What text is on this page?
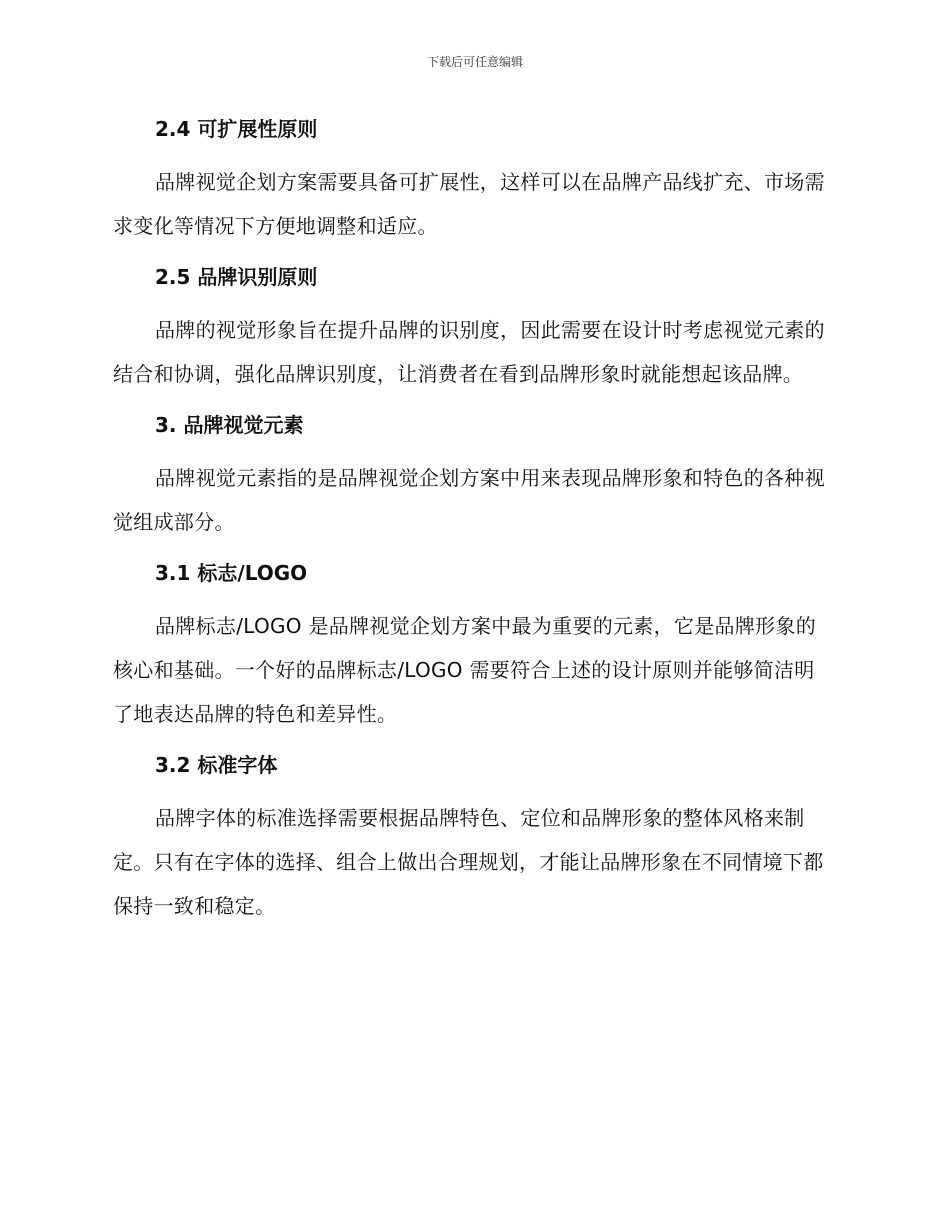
下载后可任意编辑
2.4 可扩展性原则

品牌视觉企划方案需要具备可扩展性，这样可以在品牌产品线扩充、市场需求变化等情况下方便地调整和适应。

2.5 品牌识别原则

品牌的视觉形象旨在提升品牌的识别度，因此需要在设计时考虑视觉元素的结合和协调，强化品牌识别度，让消费者在看到品牌形象时就能想起该品牌。

3. 品牌视觉元素

品牌视觉元素指的是品牌视觉企划方案中用来表现品牌形象和特色的各种视觉组成部分。

3.1 标志/LOGO

品牌标志/LOGO 是品牌视觉企划方案中最为重要的元素，它是品牌形象的核心和基础。一个好的品牌标志/LOGO 需要符合上述的设计原则并能够简洁明了地表达品牌的特色和差异性。

3.2 标准字体

品牌字体的标准选择需要根据品牌特色、定位和品牌形象的整体风格来制定。只有在字体的选择、组合上做出合理规划，才能让品牌形象在不同情境下都保持一致和稳定。
